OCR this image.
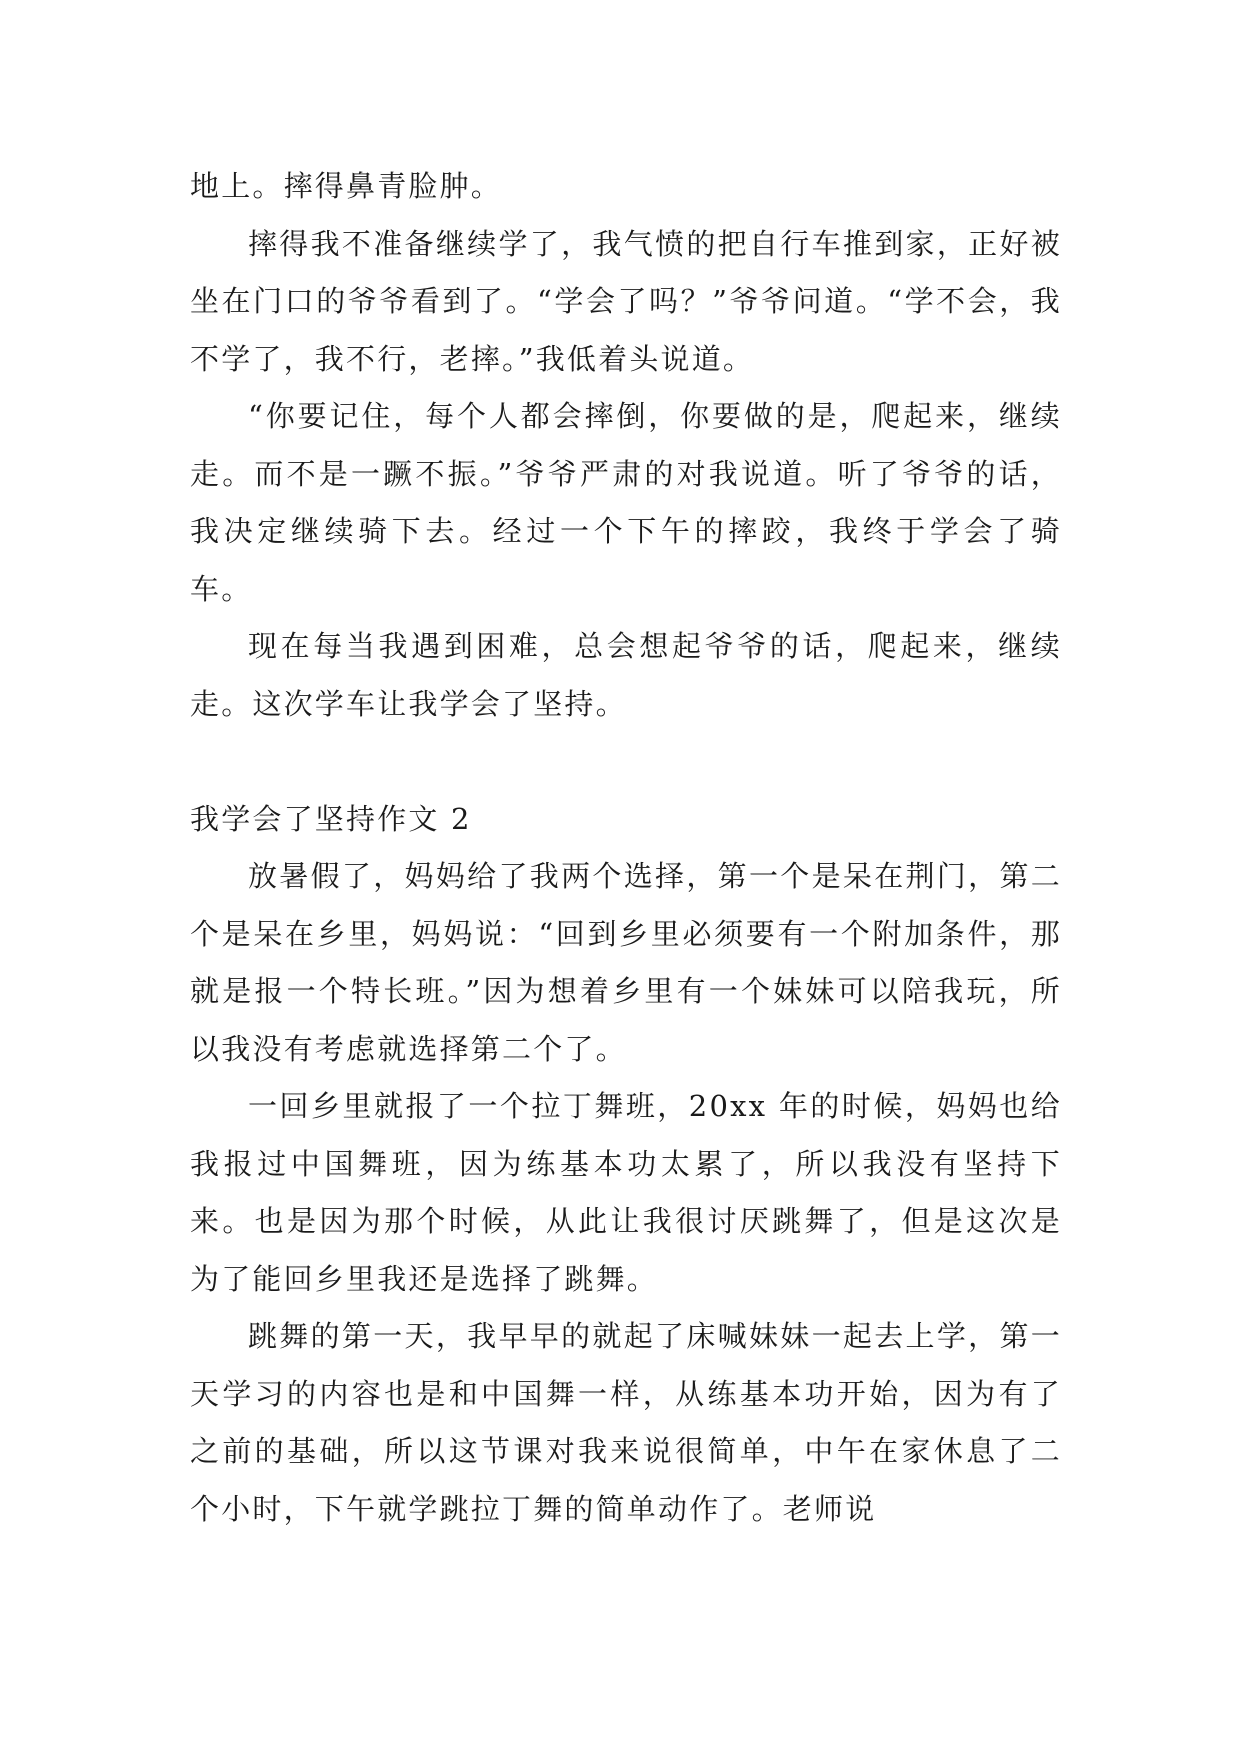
地上。摔得鼻青脸肿。

摔得我不准备继续学了，我气愤的把自行车推到家，正好被坐在门口的爷爷看到了。“学会了吗？”爷爷问道。“学不会，我不学了，我不行，老摔。”我低着头说道。

“你要记住，每个人都会摔倒，你要做的是，爬起来，继续走。而不是一蹶不振。”爷爷严肃的对我说道。听了爷爷的话，我决定继续骑下去。经过一个下午的摔跤，我终于学会了骑车。

现在每当我遇到困难，总会想起爷爷的话，爬起来，继续走。这次学车让我学会了坚持。

我学会了坚持作文 2

放暑假了，妈妈给了我两个选择，第一个是呆在荆门，第二个是呆在乡里，妈妈说：“回到乡里必须要有一个附加条件，那就是报一个特长班。”因为想着乡里有一个妹妹可以陪我玩，所以我没有考虑就选择第二个了。

一回乡里就报了一个拉丁舞班，20xx 年的时候，妈妈也给我报过中国舞班，因为练基本功太累了，所以我没有坚持下来。也是因为那个时候，从此让我很讨厌跳舞了，但是这次是为了能回乡里我还是选择了跳舞。

跳舞的第一天，我早早的就起了床喊妹妹一起去上学，第一天学习的内容也是和中国舞一样，从练基本功开始，因为有了之前的基础，所以这节课对我来说很简单，中午在家休息了二个小时，下午就学跳拉丁舞的简单动作了。老师说
